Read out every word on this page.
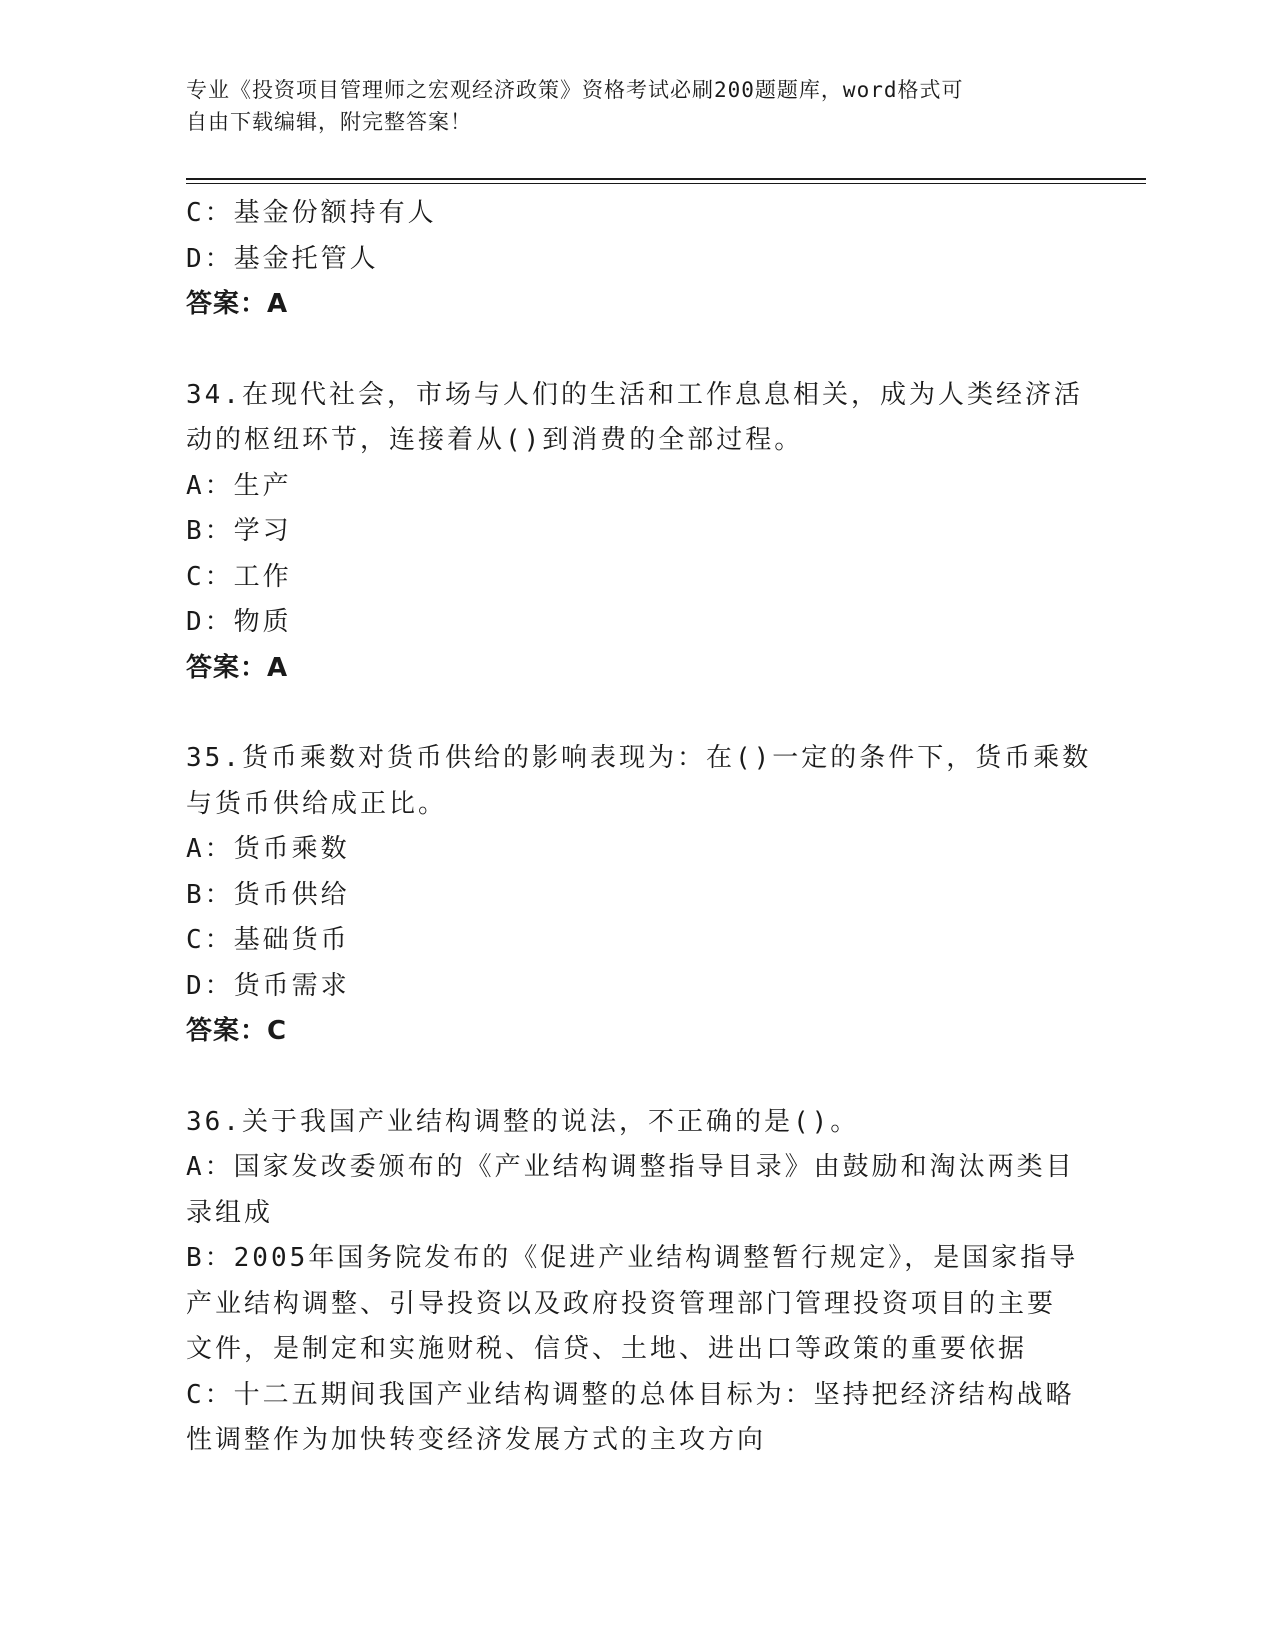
专业《投资项目管理师之宏观经济政策》资格考试必刷200题题库，word格式可
自由下载编辑，附完整答案！
C：基金份额持有人
D：基金托管人
答案：A
34.在现代社会，市场与人们的生活和工作息息相关，成为人类经济活
动的枢纽环节，连接着从()到消费的全部过程。
A：生产
B：学习
C：工作
D：物质
答案：A
35.货币乘数对货币供给的影响表现为：在()一定的条件下，货币乘数
与货币供给成正比。
A：货币乘数
B：货币供给
C：基础货币
D：货币需求
答案：C
36.关于我国产业结构调整的说法，不正确的是()。
A：国家发改委颁布的《产业结构调整指导目录》由鼓励和淘汰两类目
录组成
B：2005年国务院发布的《促进产业结构调整暂行规定》，是国家指导
产业结构调整、引导投资以及政府投资管理部门管理投资项目的主要
文件，是制定和实施财税、信贷、土地、进出口等政策的重要依据
C：十二五期间我国产业结构调整的总体目标为：坚持把经济结构战略
性调整作为加快转变经济发展方式的主攻方向
